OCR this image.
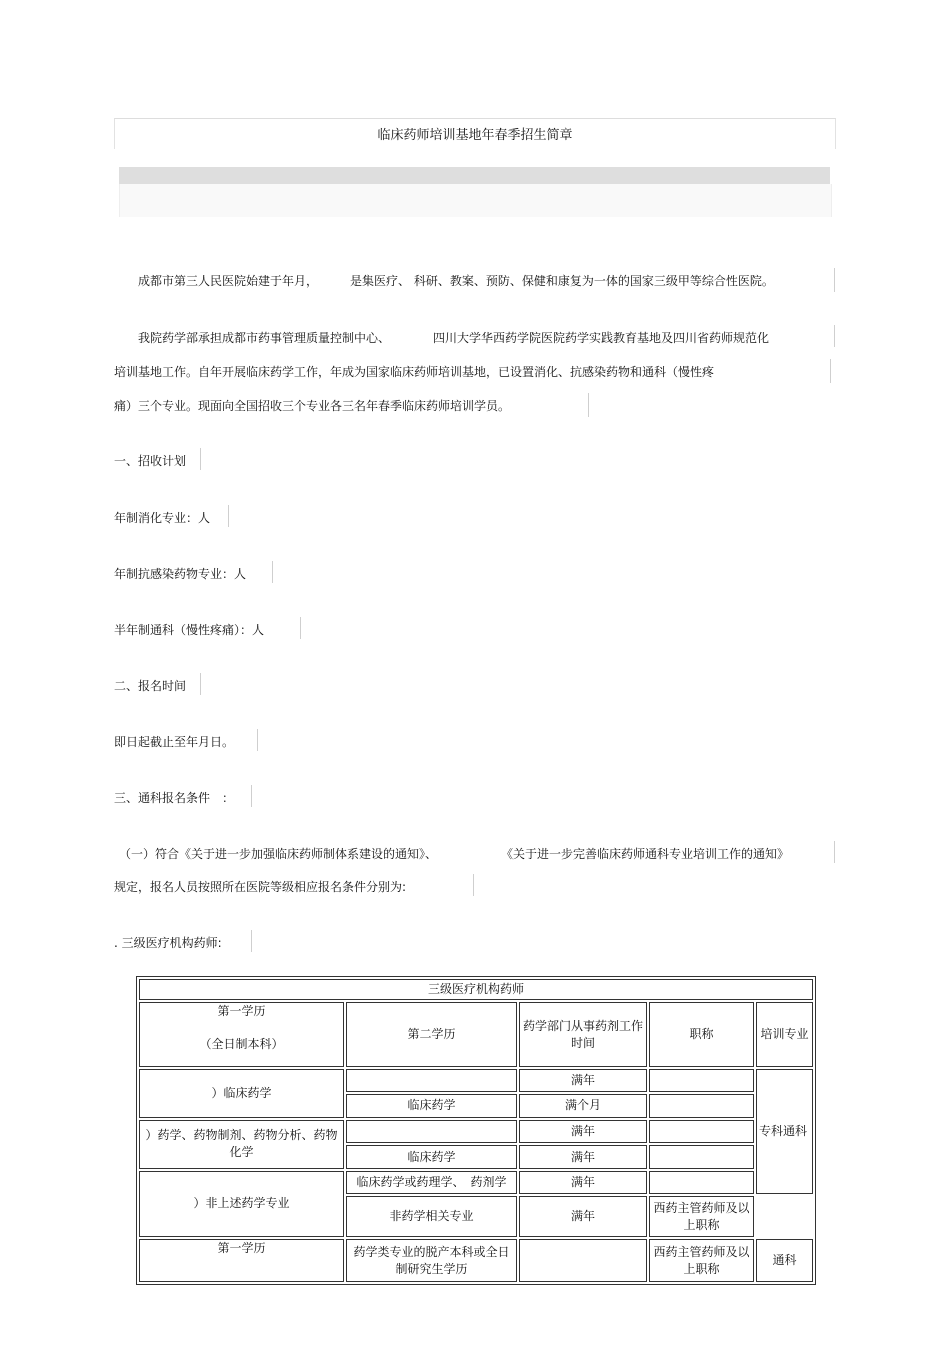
临床药师培训基地年春季招生简章
成都市第三人民医院始建于年月，	是集医疗、 科研、教案、预防、保健和康复为一体的国家三级甲等综合性医院。
我院药学部承担成都市药事管理质量控制中心、	四川大学华西药学院医院药学实践教育基地及四川省药师规范化
培训基地工作。自年开展临床药学工作，年成为国家临床药师培训基地，已设置消化、抗感染药物和通科（慢性疼
痛）三个专业。现面向全国招收三个专业各三名年春季临床药师培训学员。
一、招收计划
年制消化专业：人
年制抗感染药物专业：人
半年制通科（慢性疼痛）：人
二、报名时间
即日起截止至年月日。
三、通科报名条件　：
（一）符合《关于进一步加强临床药师制体系建设的通知》、	《关于进一步完善临床药师通科专业培训工作的通知》
规定，报名人员按照所在医院等级相应报名条件分别为:
. 三级医疗机构药师:
三级医疗机构药师				

第一学历
（全日制本科）	第二学历	药学部门从事药剂工作时间	职称	培训专业
）临床药学		满年		专科通科
	临床药学	满个月		
）药学、药物制剂、药物分析、药物化学		满年		
	临床药学	满年		
）非上述药学专业	临床药学或药理学、　药剂学	满年		
	非药学相关专业	满年	西药主管药师及以上职称	
第一学历	药学类专业的脱产本科或全日制研究生学历		西药主管药师及以上职称	通科
